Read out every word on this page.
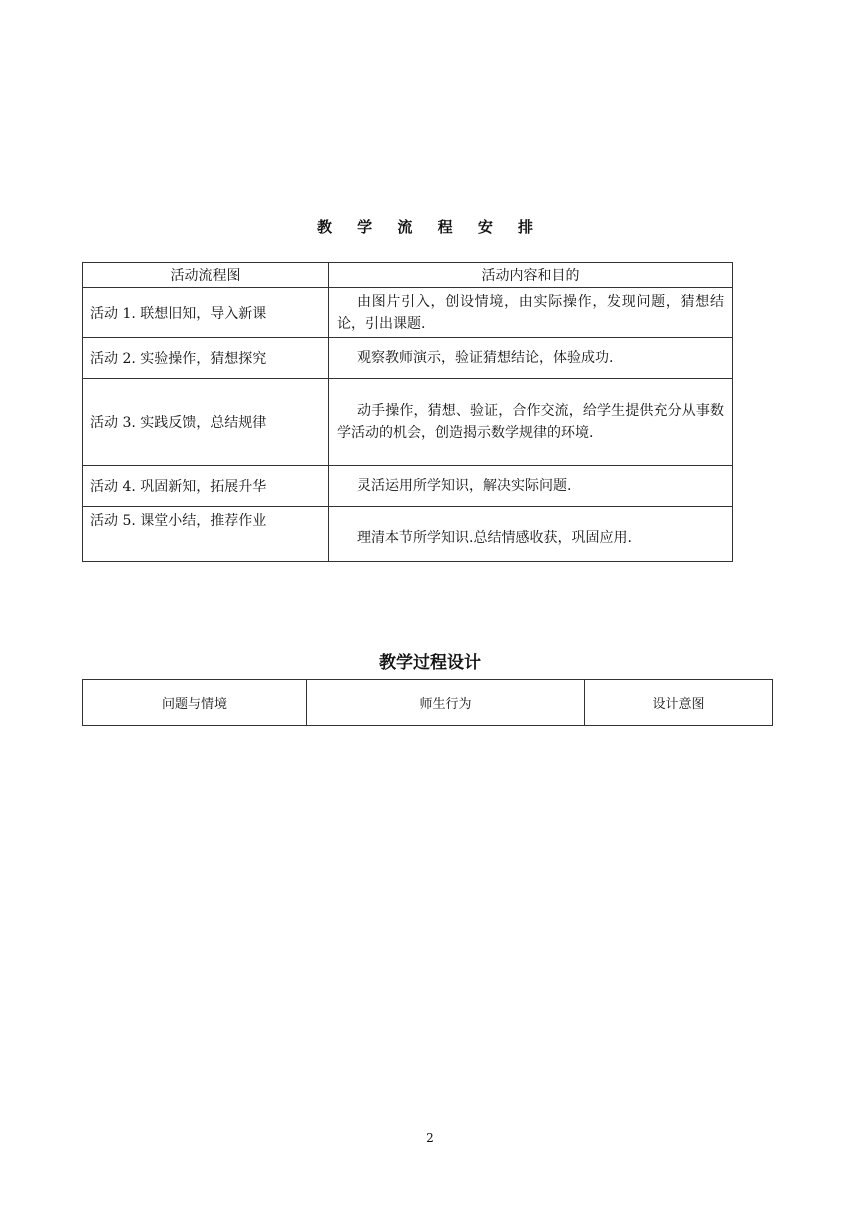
教 学 流 程 安 排
活动流程图	活动内容和目的
活动 1. 联想旧知，导入新课	由图片引入，创设情境，由实际操作，发现问题，猜想结论，引出课题.
活动 2. 实验操作，猜想探究	观察教师演示，验证猜想结论，体验成功.
活动 3. 实践反馈，总结规律	动手操作，猜想、验证，合作交流，给学生提供充分从事数学活动的机会，创造揭示数学规律的环境.
活动 4. 巩固新知，拓展升华	灵活运用所学知识，解决实际问题.
活动 5. 课堂小结，推荐作业	理清本节所学知识.总结情感收获，巩固应用.
教学过程设计
问题与情境	师生行为	设计意图
2
